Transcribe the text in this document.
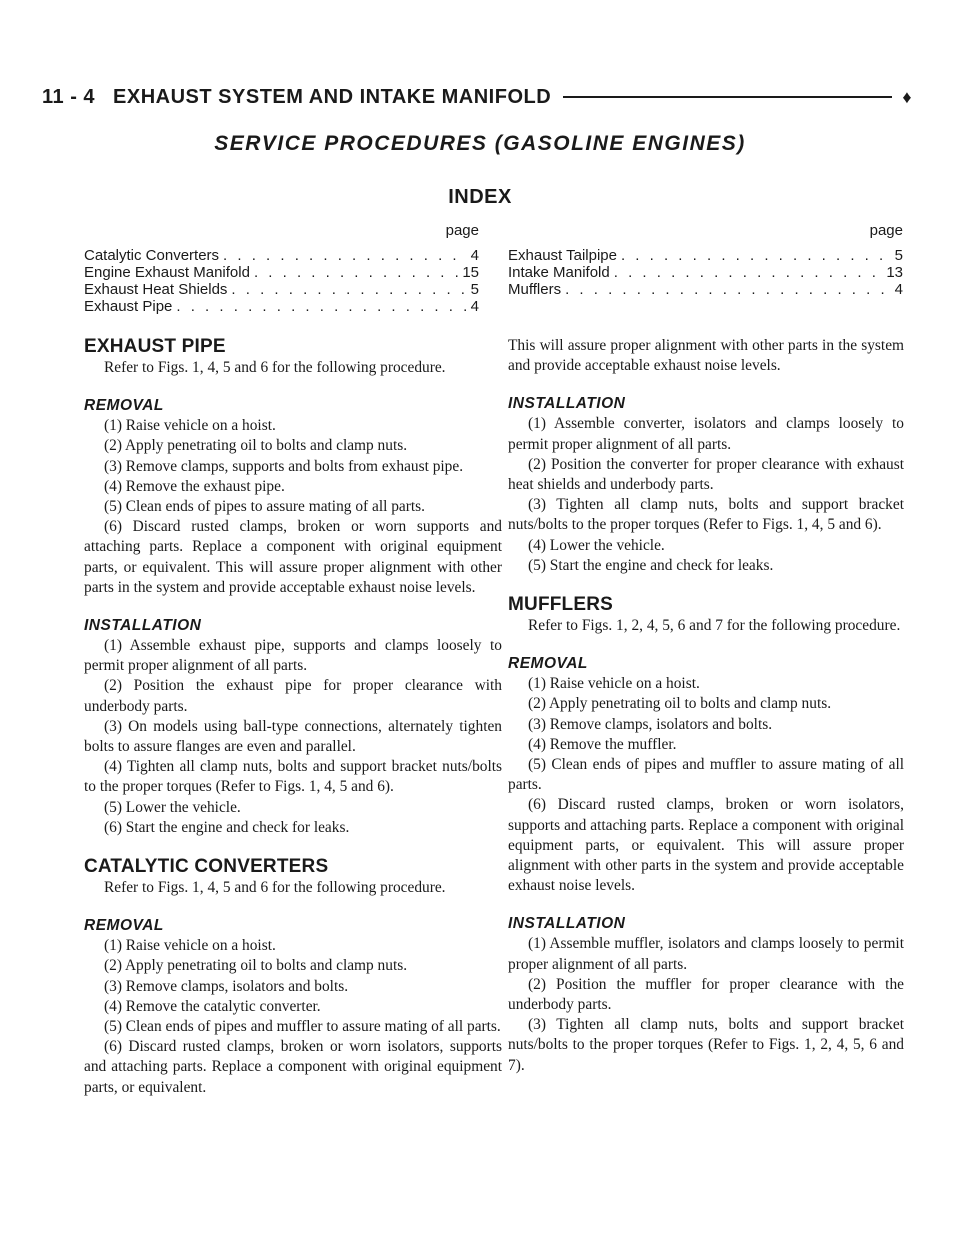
11 - 4 EXHAUST SYSTEM AND INTAKE MANIFOLD	♦
SERVICE PROCEDURES (GASOLINE ENGINES)
INDEX
page
Catalytic Converters . . .	4
Engine Exhaust Manifold . . .	15
Exhaust Heat Shields . . .	5
Exhaust Pipe . . .	4
page
Exhaust Tailpipe . . .	5
Intake Manifold . . .	13
Mufflers . . .	4
EXHAUST PIPE

Refer to Figs. 1, 4, 5 and 6 for the following procedure.

REMOVAL

(1) Raise vehicle on a hoist.

(2) Apply penetrating oil to bolts and clamp nuts.

(3) Remove clamps, supports and bolts from exhaust pipe.

(4) Remove the exhaust pipe.

(5) Clean ends of pipes to assure mating of all parts.

(6) Discard rusted clamps, broken or worn supports and attaching parts. Replace a component with original equipment parts, or equivalent. This will assure proper alignment with other parts in the system and provide acceptable exhaust noise levels.

INSTALLATION

(1) Assemble exhaust pipe, supports and clamps loosely to permit proper alignment of all parts.

(2) Position the exhaust pipe for proper clearance with underbody parts.

(3) On models using ball-type connections, alternately tighten bolts to assure flanges are even and parallel.

(4) Tighten all clamp nuts, bolts and support bracket nuts/bolts to the proper torques (Refer to Figs. 1, 4, 5 and 6).

(5) Lower the vehicle.

(6) Start the engine and check for leaks.

CATALYTIC CONVERTERS

Refer to Figs. 1, 4, 5 and 6 for the following procedure.

REMOVAL

(1) Raise vehicle on a hoist.

(2) Apply penetrating oil to bolts and clamp nuts.

(3) Remove clamps, isolators and bolts.

(4) Remove the catalytic converter.

(5) Clean ends of pipes and muffler to assure mating of all parts.

(6) Discard rusted clamps, broken or worn isolators, supports and attaching parts. Replace a component with original equipment parts, or equivalent.

This will assure proper alignment with other parts in the system and provide acceptable exhaust noise levels.

INSTALLATION

(1) Assemble converter, isolators and clamps loosely to permit proper alignment of all parts.

(2) Position the converter for proper clearance with exhaust heat shields and underbody parts.

(3) Tighten all clamp nuts, bolts and support bracket nuts/bolts to the proper torques (Refer to Figs. 1, 4, 5 and 6).

(4) Lower the vehicle.

(5) Start the engine and check for leaks.

MUFFLERS

Refer to Figs. 1, 2, 4, 5, 6 and 7 for the following procedure.

REMOVAL

(1) Raise vehicle on a hoist.

(2) Apply penetrating oil to bolts and clamp nuts.

(3) Remove clamps, isolators and bolts.

(4) Remove the muffler.

(5) Clean ends of pipes and muffler to assure mating of all parts.

(6) Discard rusted clamps, broken or worn isolators, supports and attaching parts. Replace a component with original equipment parts, or equivalent. This will assure proper alignment with other parts in the system and provide acceptable exhaust noise levels.

INSTALLATION

(1) Assemble muffler, isolators and clamps loosely to permit proper alignment of all parts.

(2) Position the muffler for proper clearance with the underbody parts.

(3) Tighten all clamp nuts, bolts and support bracket nuts/bolts to the proper torques (Refer to Figs. 1, 2, 4, 5, 6 and 7).
